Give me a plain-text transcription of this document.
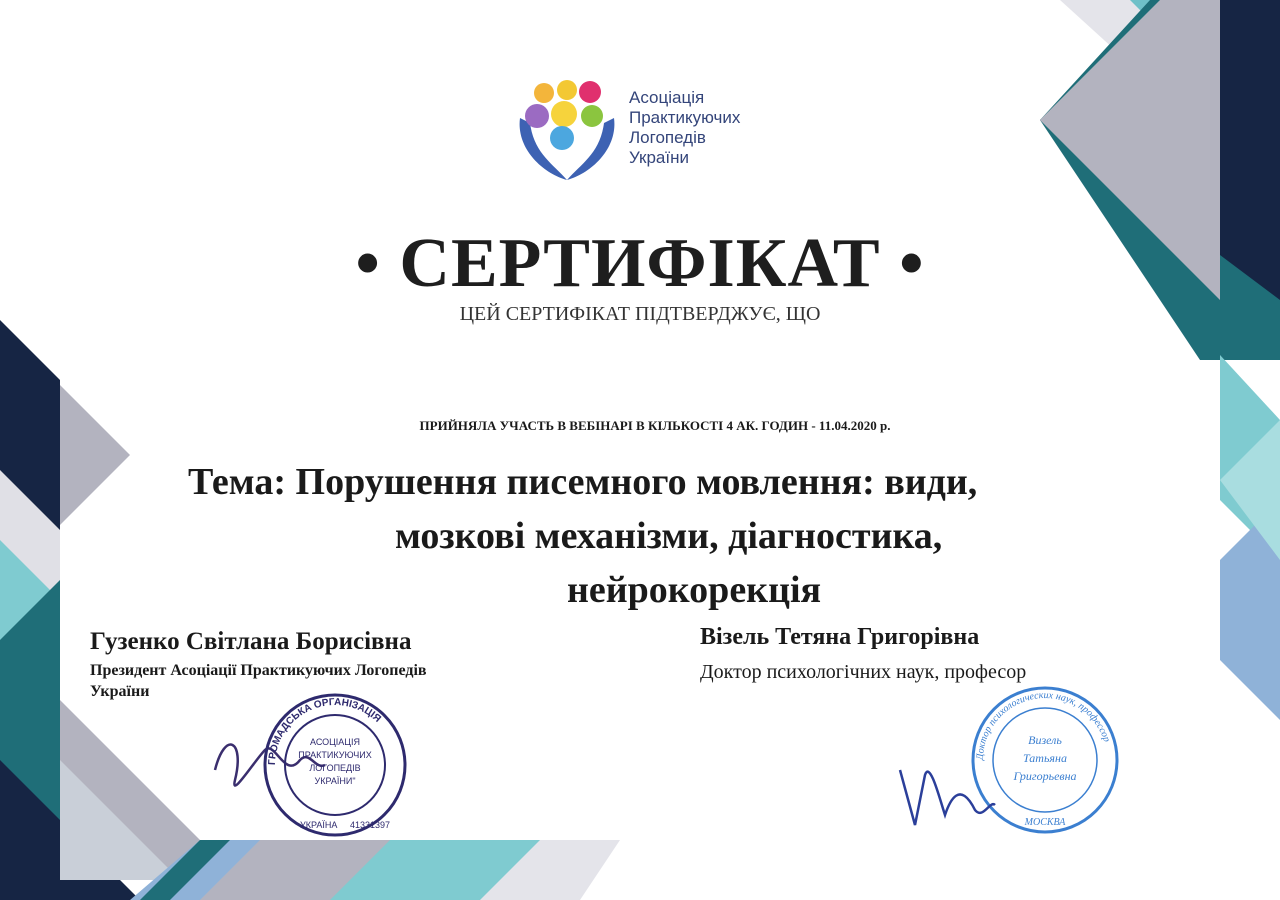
Асоціація
Практикуючих
Логопедів
України
• СЕРТИФІКАТ •
ЦЕЙ СЕРТИФІКАТ ПІДТВЕРДЖУЄ, ЩО
ПРИЙНЯЛА УЧАСТЬ В ВЕБІНАРІ В КІЛЬКОСТІ 4 АК. ГОДИН - 11.04.2020 р.
Тема: Порушення писемного мовлення: види,
мозкові механізми, діагностика,
нейрокорекція
Гузенко Світлана Борисівна
Президент Асоціації Практикуючих Логопедів
України
Візель Тетяна Григорівна
Доктор психологічних наук, професор
ГРОМАДСЬКА ОРГАНІЗАЦІЯ
АСОЦІАЦІЯ
ПРАКТИКУЮЧИХ
ЛОГОПЕДІВ
УКРАЇНИ"
УКРАЇНА 41331397
Доктор психологических наук, профессор
Визель
Татьяна
Григорьевна
МОСКВА
